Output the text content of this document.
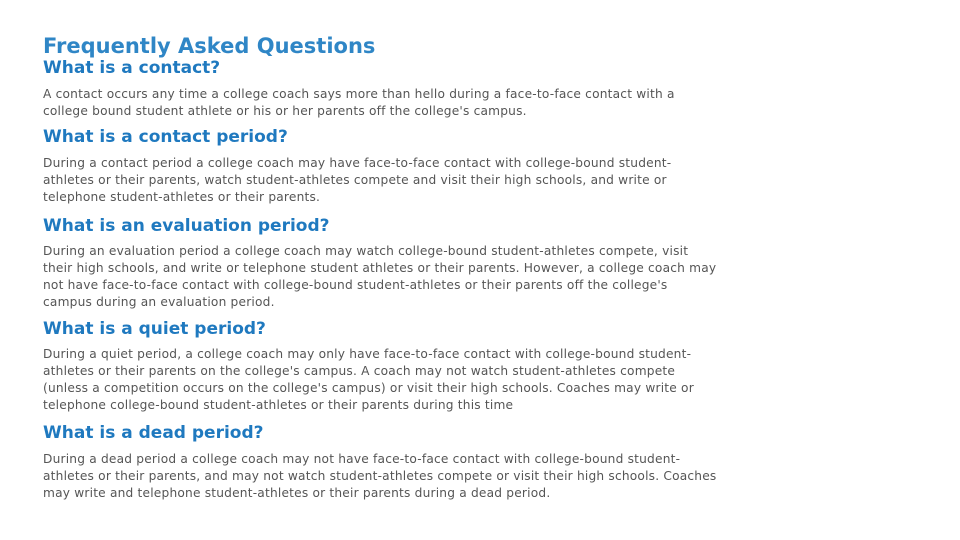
Frequently Asked Questions
What is a contact?
A contact occurs any time a college coach says more than hello during a face-to-face contact with a
college bound student athlete or his or her parents off the college's campus.
What is a contact period?
During a contact period a college coach may have face-to-face contact with college-bound student-
athletes or their parents, watch student-athletes compete and visit their high schools, and write or
telephone student-athletes or their parents.
What is an evaluation period?
During an evaluation period a college coach may watch college-bound student-athletes compete, visit
their high schools, and write or telephone student athletes or their parents. However, a college coach may
not have face-to-face contact with college-bound student-athletes or their parents off the college's
campus during an evaluation period.
What is a quiet period?
During a quiet period, a college coach may only have face-to-face contact with college-bound student-
athletes or their parents on the college's campus. A coach may not watch student-athletes compete
(unless a competition occurs on the college's campus) or visit their high schools. Coaches may write or
telephone college-bound student-athletes or their parents during this time
What is a dead period?
During a dead period a college coach may not have face-to-face contact with college-bound student-
athletes or their parents, and may not watch student-athletes compete or visit their high schools. Coaches
may write and telephone student-athletes or their parents during a dead period.
